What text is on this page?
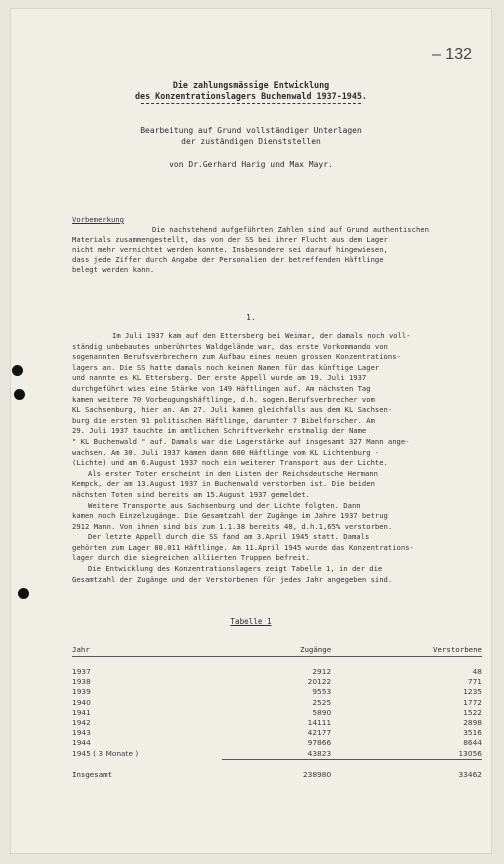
– 132
Die zahlungsmässige Entwicklung
des Konzentrationslagers Buchenwald 1937-1945.
Bearbeitung auf Grund vollständiger Unterlagen
der zuständigen Dienststellen
von Dr.Gerhard Harig und Max Mayr.
Vorbemerkung
Die nachstehend aufgeführten Zahlen sind auf Grund authentischen
Materials zusammengestellt, das von der SS bei ihrer Flucht aus dem Lager
nicht mehr vernichtet werden konnte. Insbesondere sei darauf hingewiesen,
dass jede Ziffer durch Angabe der Personalien der betreffenden Häftlinge
belegt werden kann.
1.
Im Juli 1937 kam auf den Ettersberg bei Weimar, der damals noch voll-
ständig unbebautes unberührtes Waldgelände war, das erste Vorkommando von
sogenannten Berufsverbrechern zum Aufbau eines neuen grossen Konzentrations-
lagers an. Die SS hatte damals noch keinen Namen für das künftige Lager
und nannte es KL Ettersberg. Der erste Appell wurde am 19. Juli 1937
durchgeführt wies eine Stärke von 149 Häftlingen auf. Am nächsten Tag
kamen weitere 70 Vorbeugungshäftlinge, d.h. sogen.Berufsverbrecher vom
KL Sachsenburg, hier an. Am 27. Juli kamen gleichfalls aus dem KL Sachsen-
burg die ersten 91 politischen Häftlinge, darunter 7 Bibelforscher. Am
29. Juli 1937 tauchte im amtlichen Schriftverkehr erstmalig der Name
" KL Buchenwald " auf. Damals war die Lagerstärke auf insgesamt 327 Mann ange-
wachsen. Am 30. Juli 1937 kamen dann 600 Häftlinge vom KL Lichtenburg -
(Lichte) und am 6.August 1937 noch ein weiterer Transport aus der Lichte.
Als erster Toter erscheint in den Listen der Reichsdeutsche Hermann
Kempck, der am 13.August 1937 in Buchenwald verstorben ist. Die beiden
nächsten Toten sind bereits am 15.August 1937 gemeldet.
Weitere Transporte aus Sachsenburg und der Lichte folgten. Dann
kamen noch Einzelzugänge. Die Gesamtzahl der Zugänge im Jahre 1937 betrug
2912 Mann. Von ihnen sind bis zum 1.1.38 bereits 48, d.h.1,65% verstorben.
Der letzte Appell durch die SS fand am 3.April 1945 statt. Damals
gehörten zum Lager 80.011 Häftlinge. Am 11.April 1945 wurde das Konzentrations-
lager durch die siegreichen alliierten Truppen befreit.
Die Entwicklung des Konzentrationslagers zeigt Tabelle 1, in der die
Gesamtzahl der Zugänge und der Verstorbenen für jedes Jahr angegeben sind.
Tabelle 1
Jahr	Zugänge	Verstorbene
1937	2912	48
1938	20122	771
1939	9553	1235
1940	2525	1772
1941	5890	1522
1942	14111	2898
1943	42177	3516
1944	97866	8644
1945 ( 3 Monate )	43823	13056
Insgesamt	238980	33462
